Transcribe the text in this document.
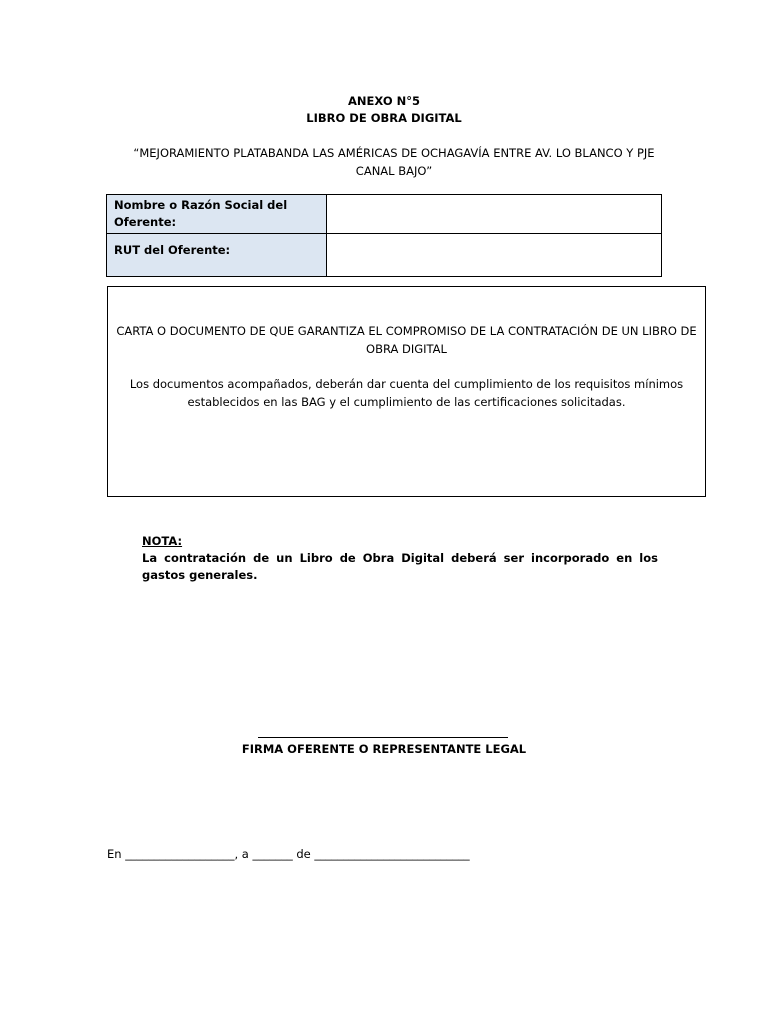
ANEXO N°5
LIBRO DE OBRA DIGITAL
“MEJORAMIENTO PLATABANDA LAS AMÉRICAS DE OCHAGAVÍA ENTRE AV. LO BLANCO Y PJE CANAL BAJO”
Nombre o Razón Social del Oferente:	
RUT del Oferente:	
CARTA O DOCUMENTO DE QUE GARANTIZA EL COMPROMISO DE LA CONTRATACIÓN DE UN LIBRO DE OBRA DIGITAL
Los documentos acompañados, deberán dar cuenta del cumplimiento de los requisitos mínimos establecidos en las BAG y el cumplimiento de las certificaciones solicitadas.
NOTA:
La contratación de un Libro de Obra Digital deberá ser incorporado en los gastos generales.
FIRMA OFERENTE O REPRESENTANTE LEGAL
En ___________________, a _______ de ___________________________
